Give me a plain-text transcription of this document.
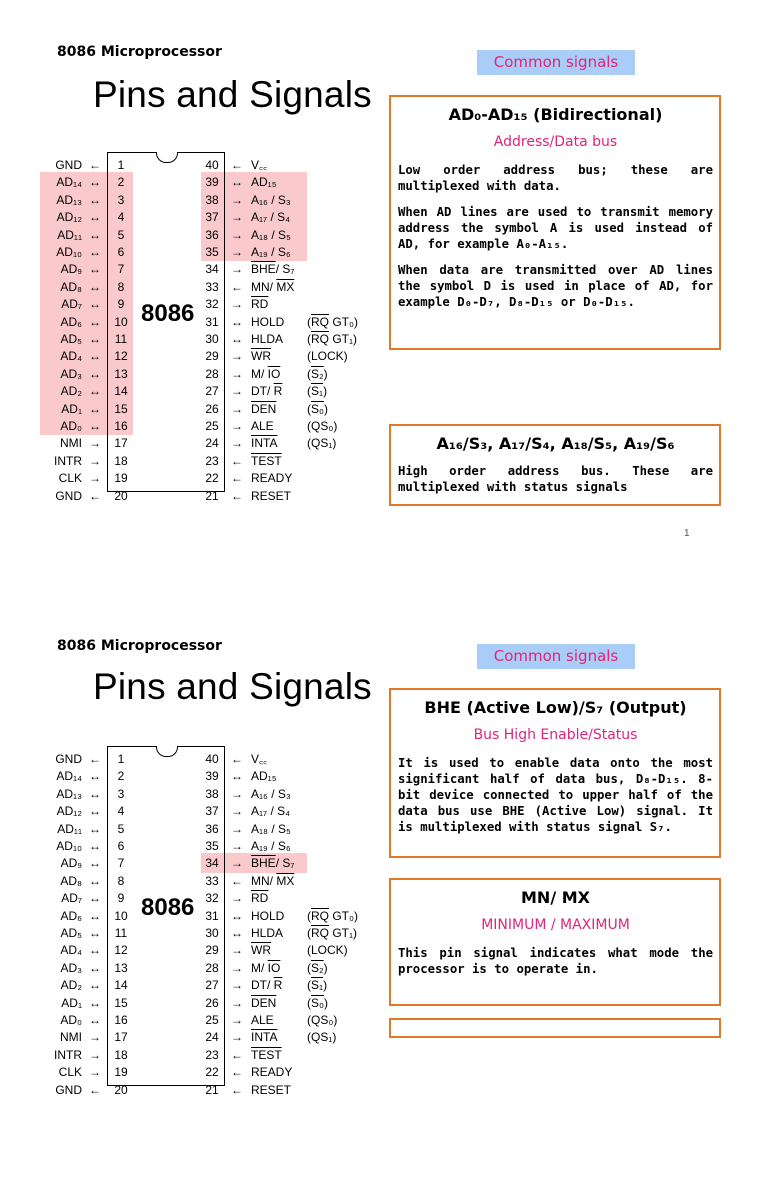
8086 Microprocessor
Pins and Signals
Common signals
AD₀-AD₁₅ (Bidirectional)
Address/Data bus
Low order address bus; these are multiplexed with data.
When AD lines are used to transmit memory address the symbol A is used instead of AD, for example A₀-A₁₅.
When data are transmitted over AD lines the symbol D is used in place of AD, for example D₀-D₇, D₈-D₁₅ or D₀-D₁₅.
A₁₆/S₃, A₁₇/S₄, A₁₈/S₅, A₁₉/S₆
High order address bus. These are multiplexed with status signals
1
8086
GND ←	1
AD₁₄ ↔	2
AD₁₃ ↔	3
AD₁₂ ↔	4
AD₁₁ ↔	5
AD₁₀ ↔	6
AD₉ ↔	7
AD₈ ↔	8
AD₇ ↔	9
AD₆ ↔	10
AD₅ ↔	11
AD₄ ↔	12
AD₃ ↔	13
AD₂ ↔	14
AD₁ ↔	15
AD₀ ↔	16
NMI →	17
INTR →	18
CLK →	19
GND ←	20
40	← V꜀꜀
39	↔ AD₁₅
38	→ A₁₆ / S₃
37	→ A₁₇ / S₄
36	→ A₁₈ / S₅
35	→ A₁₉ / S₆
34	→ $\overline{BHE}/$ S₇
33	← MN/ $\overline{MX}$
32	→ $\overline{RD}$
31	↔ HOLD ($\overline{RQ}$ GT₀)
30	↔ HLDA ($\overline{RQ}$ GT₁)
29	→ $\overline{WR}$	(LOCK)
28	→ M/ $\overline{IO}$ (S₂)
27	→ DT/ $\overline{R}$ (S₁)
26	→ $\overline{DEN}$	(S₀)
25	→ ALE	(QS₀)
24	→ INTA (QS₁)
23	← TEST
22	← READY
21	← RESET
8086 Microprocessor
Pins and Signals
Common signals
BHE (Active Low)/S₇ (Output)
Bus High Enable/Status
It is used to enable data onto the most significant half of data bus, D₈-D₁₅. 8-bit device connected to upper half of the data bus use BHE (Active Low) signal. It is multiplexed with status signal S₇.
MN/ MX
MINIMUM / MAXIMUM
This pin signal indicates what mode the processor is to operate in.
8086
GND ←	1
AD₁₄ ↔	2
AD₁₃ ↔	3
AD₁₂ ↔	4
AD₁₁ ↔	5
AD₁₀ ↔	6
AD₉ ↔	7
AD₈ ↔	8
AD₇ ↔	9
AD₆ ↔	10
AD₅ ↔	11
AD₄ ↔	12
AD₃ ↔	13
AD₂ ↔	14
AD₁ ↔	15
AD₀ ↔	16
NMI →	17
INTR →	18
CLK →	19
GND ←	20
40	← V꜀꜀
39	↔ AD₁₅
38	→ A₁₆ / S₃
37	→ A₁₇ / S₄
36	→ A₁₈ / S₅
35	→ A₁₉ / S₆
34	→ $\overline{BHE}/$ S₇
33	← MN/ $\overline{MX}$
32	→ $\overline{RD}$
31	↔ HOLD ($\overline{RQ}$ GT₀)
30	↔ HLDA ($\overline{RQ}$ GT₁)
29	→ $\overline{WR}$	(LOCK)
28	→ M/ $\overline{IO}$ (S₂)
27	→ DT/ $\overline{R}$ (S₁)
26	→ $\overline{DEN}$	(S₀)
25	→ ALE	(QS₀)
24	→ INTA (QS₁)
23	← TEST
22	← READY
21	← RESET
